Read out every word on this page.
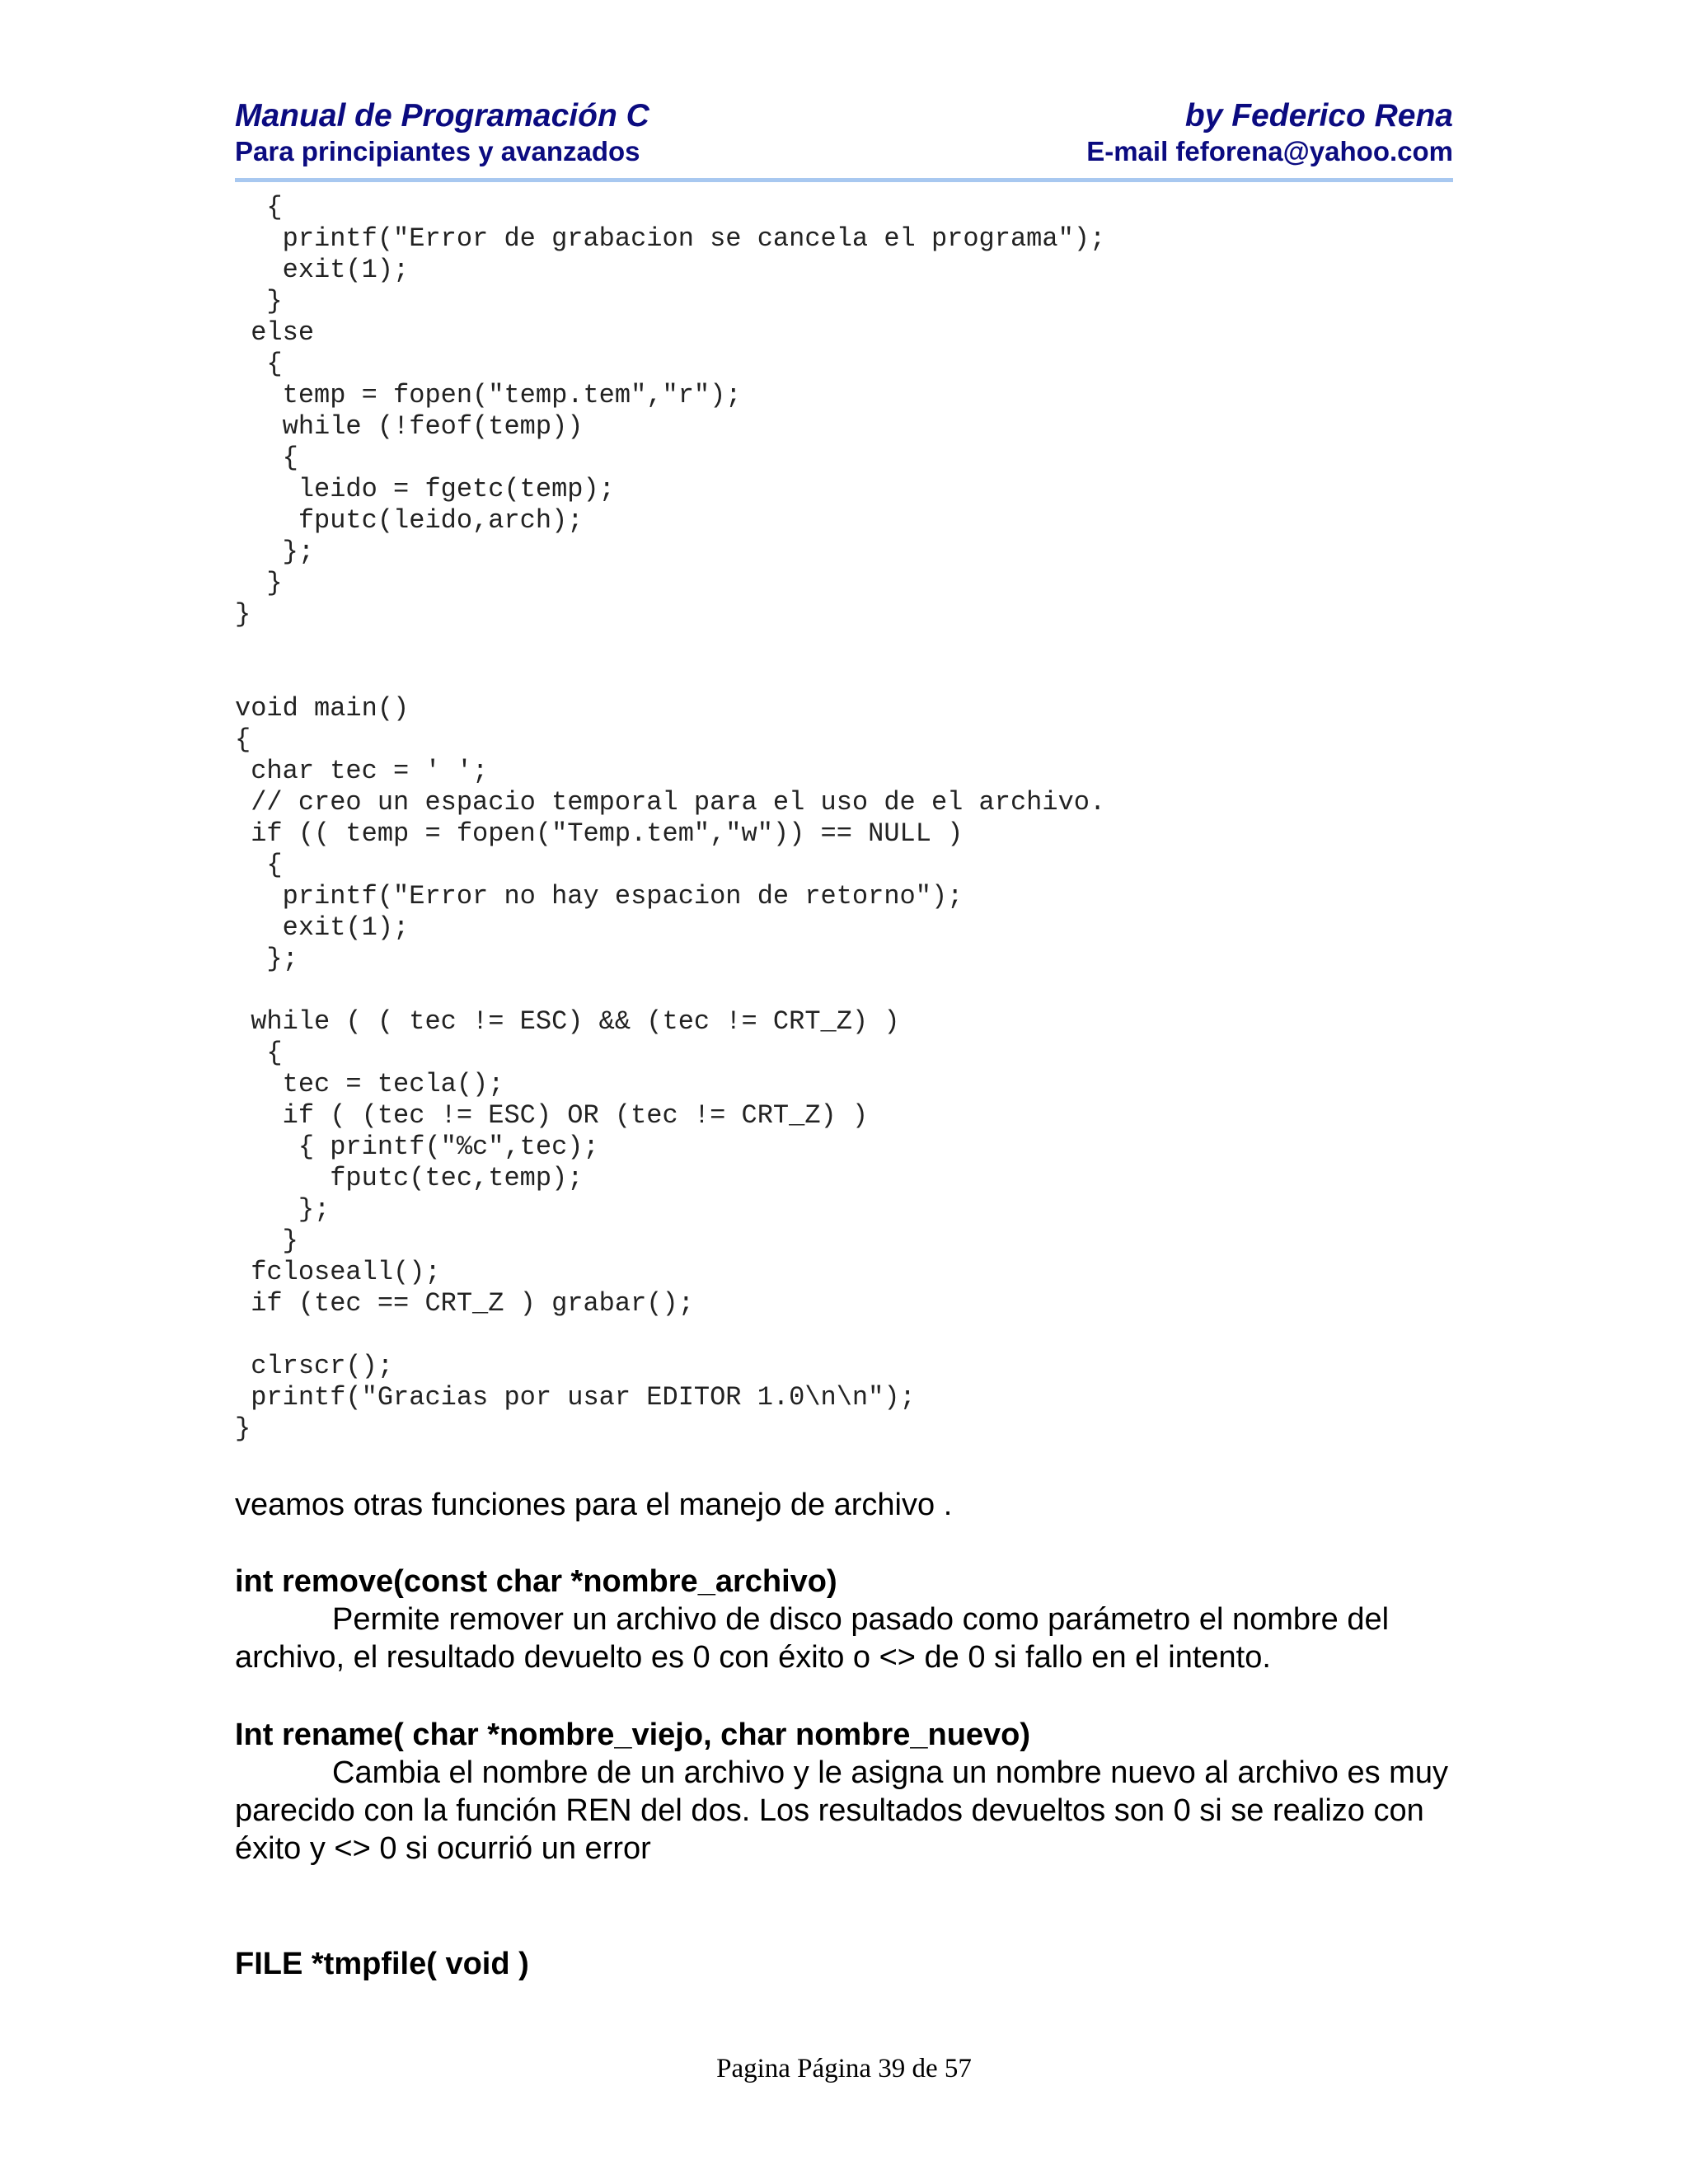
Manual de Programación C	by Federico Rena
Para principiantes y avanzados	E-mail feforena@yahoo.com
{
printf("Error de grabacion se cancela el programa");
exit(1);
}
else
{
temp = fopen("temp.tem","r");
while (!feof(temp))
{
leido = fgetc(temp);
fputc(leido,arch);
};
}
}

void main()
{
char tec = ' ';
// creo un espacio temporal para el uso de el archivo.
if (( temp = fopen("Temp.tem","w")) == NULL )
{
printf("Error no hay espacion de retorno");
exit(1);
};

while ( ( tec != ESC) && (tec != CRT_Z) )
{
tec = tecla();
if ( (tec != ESC) OR (tec != CRT_Z) )
{ printf("%c",tec);
fputc(tec,temp);
};
}
fcloseall();
if (tec == CRT_Z ) grabar();

clrscr();
printf("Gracias por usar EDITOR 1.0\n\n");
}
veamos otras funciones para el manejo de archivo .
int remove(const char *nombre_archivo)
Permite remover un archivo de disco pasado como parámetro el nombre del archivo, el resultado devuelto es 0 con éxito o <> de 0 si fallo en el intento.
Int rename( char *nombre_viejo, char nombre_nuevo)
Cambia el nombre de un archivo y le asigna un nombre nuevo al archivo es muy parecido con la función REN del dos. Los resultados devueltos son 0 si se realizo con éxito y <> 0 si ocurrió un error
FILE *tmpfile( void )
Pagina Página 39 de 57
